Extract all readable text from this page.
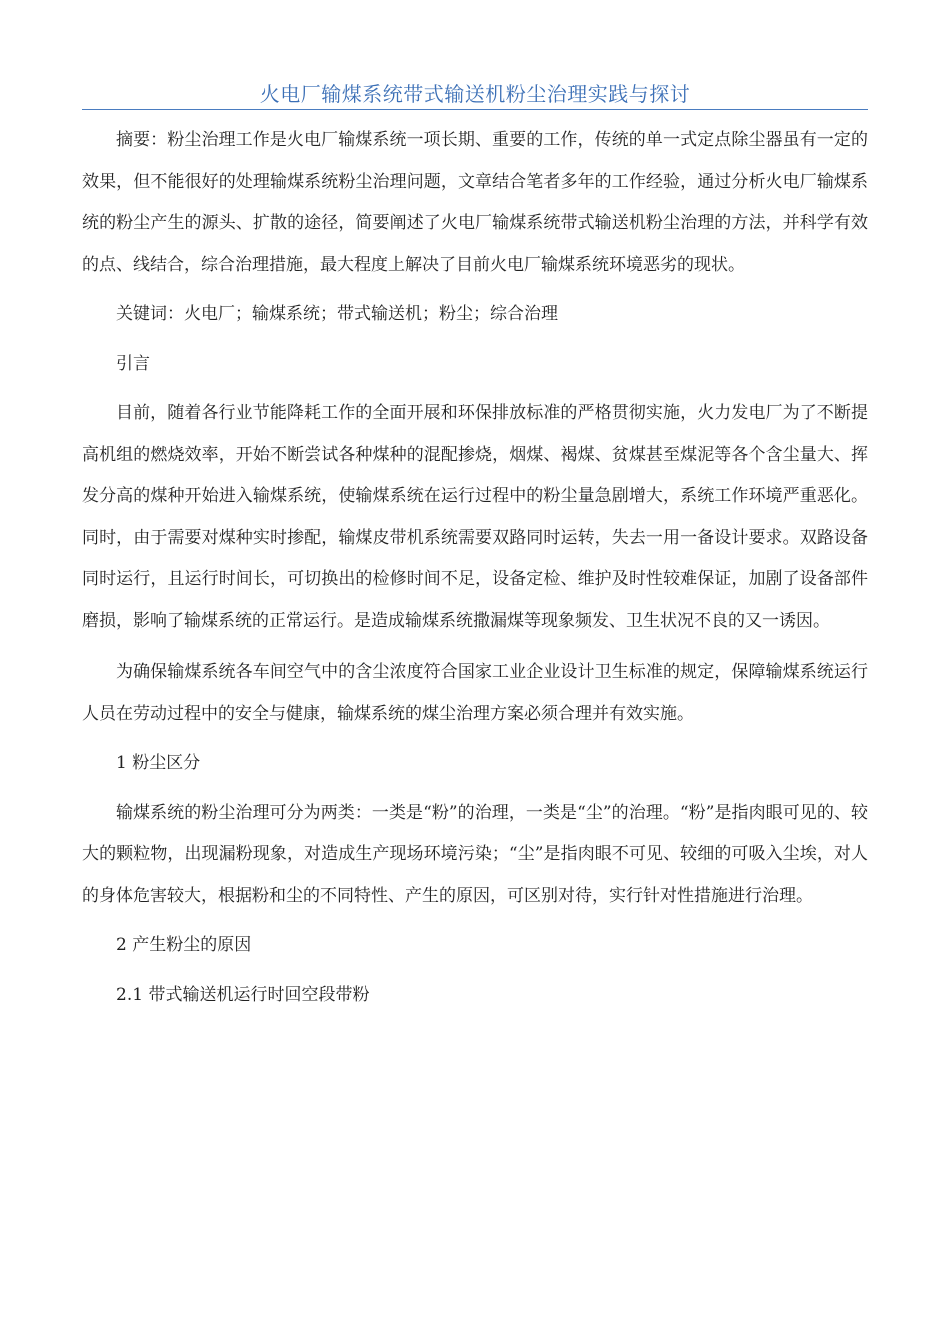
火电厂输煤系统带式输送机粉尘治理实践与探讨

摘要：粉尘治理工作是火电厂输煤系统一项长期、重要的工作，传统的单一式定点除尘器虽有一定的效果，但不能很好的处理输煤系统粉尘治理问题，文章结合笔者多年的工作经验，通过分析火电厂输煤系统的粉尘产生的源头、扩散的途径，简要阐述了火电厂输煤系统带式输送机粉尘治理的方法，并科学有效的点、线结合，综合治理措施，最大程度上解决了目前火电厂输煤系统环境恶劣的现状。

关键词：火电厂；输煤系统；带式输送机；粉尘；综合治理

引言

目前，随着各行业节能降耗工作的全面开展和环保排放标准的严格贯彻实施，火力发电厂为了不断提高机组的燃烧效率，开始不断尝试各种煤种的混配掺烧，烟煤、褐煤、贫煤甚至煤泥等各个含尘量大、挥发分高的煤种开始进入输煤系统，使输煤系统在运行过程中的粉尘量急剧增大，系统工作环境严重恶化。同时，由于需要对煤种实时掺配，输煤皮带机系统需要双路同时运转，失去一用一备设计要求。双路设备同时运行，且运行时间长，可切换出的检修时间不足，设备定检、维护及时性较难保证，加剧了设备部件磨损，影响了输煤系统的正常运行。是造成输煤系统撒漏煤等现象频发、卫生状况不良的又一诱因。

为确保输煤系统各车间空气中的含尘浓度符合国家工业企业设计卫生标准的规定，保障输煤系统运行人员在劳动过程中的安全与健康，输煤系统的煤尘治理方案必须合理并有效实施。

1 粉尘区分

输煤系统的粉尘治理可分为两类：一类是“粉”的治理，一类是“尘”的治理。“粉”是指肉眼可见的、较大的颗粒物，出现漏粉现象，对造成生产现场环境污染；“尘”是指肉眼不可见、较细的可吸入尘埃，对人的身体危害较大，根据粉和尘的不同特性、产生的原因，可区别对待，实行针对性措施进行治理。

2 产生粉尘的原因

2.1 带式输送机运行时回空段带粉
